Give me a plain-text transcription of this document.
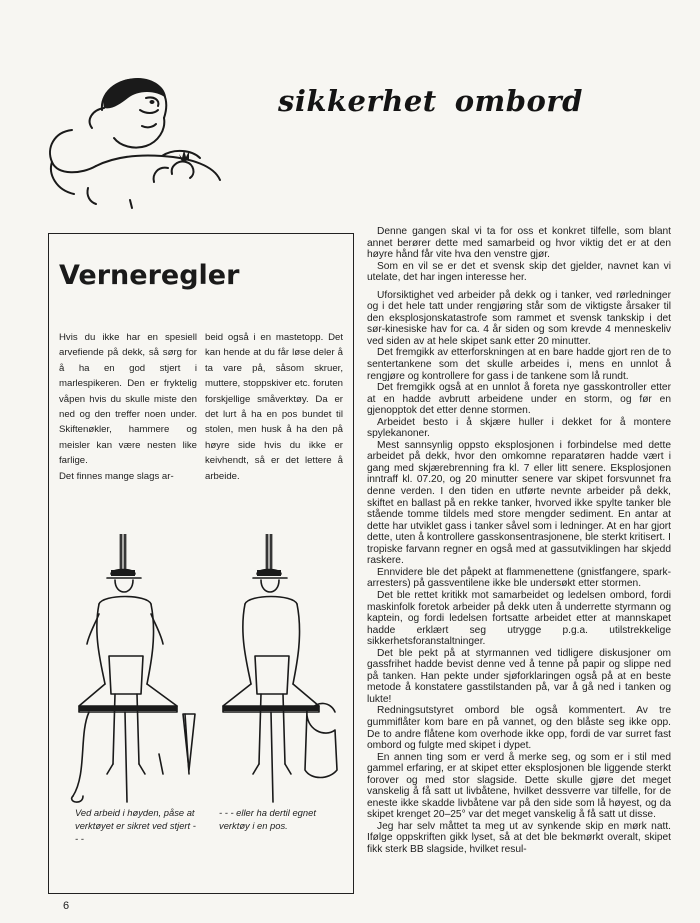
sikkerhet ombord
Verneregler

Hvis du ikke har en spesiell arvefiende på dekk, så sørg for å ha en god stjert i marlespikeren. Den er fryktelig våpen hvis du skulle miste den ned og den treffer noen under. Skiftenøkler, hammere og meisler kan være nesten like farlige.

Det finnes mange slags ar-

beid også i en mastetopp. Det kan hende at du får løse deler å ta vare på, såsom skruer, muttere, stoppskiver etc. foruten forskjellige småverktøy. Da er det lurt å ha en pos bundet til stolen, men husk å ha den på høyre side hvis du ikke er keivhendt, så er det lettere å arbeide.

Ved arbeid i høyden, påse at verktøyet er sikret ved stjert - - -
- - - eller ha dertil egnet verktøy i en pos.

Denne gangen skal vi ta for oss et konkret tilfelle, som blant annet berører dette med samarbeid og hvor viktig det er at den høyre hånd får vite hva den venstre gjør.

Som en vil se er det et svensk skip det gjelder, navnet kan vi utelate, det har ingen interesse her.

Uforsiktighet ved arbeider på dekk og i tanker, ved rørledninger og i det hele tatt under rengjøring står som de viktigste årsaker til den eksplosjonskatastrofe som rammet et svensk tankskip i det sør-kinesiske hav for ca. 4 år siden og som krevde 4 menneskeliv ved siden av at hele skipet sank etter 20 minutter.

Det fremgikk av etterforskningen at en bare hadde gjort ren de to sentertankene som det skulle arbeides i, mens en unnlot å rengjøre og kontrollere for gass i de tankene som lå rundt.

Det fremgikk også at en unnlot å foreta nye gasskontroller etter at en hadde avbrutt arbeidene under en storm, og før en gjenopptok det etter denne stormen.

Arbeidet besto i å skjære huller i dekket for å montere spylekanoner.

Mest sannsynlig oppsto eksplosjonen i forbindelse med dette arbeidet på dekk, hvor den omkomne reparatøren hadde vært i gang med skjærebrenning fra kl. 7 eller litt senere. Eksplosjonen inntraff kl. 07.20, og 20 minutter senere var skipet forsvunnet fra denne verden. I den tiden en utførte nevnte arbeider på dekk, skiftet en ballast på en rekke tanker, hvorved ikke spylte tanker ble stående tomme tildels med store mengder sediment. En antar at dette har utviklet gass i tanker såvel som i ledninger. At en har gjort dette, uten å kontrollere gasskonsentrasjonene, ble sterkt kritisert. I tropiske farvann regner en også med at gassutviklingen har skjedd raskere.

Ennvidere ble det påpekt at flammenettene (gnistfangere, spark-arresters) på gassventilene ikke ble undersøkt etter stormen.

Det ble rettet kritikk mot samarbeidet og ledelsen ombord, fordi maskinfolk foretok arbeider på dekk uten å underrette styrmann og kaptein, og fordi ledelsen fortsatte arbeidet etter at mannskapet hadde erklært seg utrygge p.g.a. utilstrekkelige sikkerhetsforanstaltninger.

Det ble pekt på at styrmannen ved tidligere diskusjoner om gassfrihet hadde bevist denne ved å tenne på papir og slippe ned på tanken. Han pekte under sjøforklaringen også på at en beste metode å konstatere gasstilstanden på, var å gå ned i tanken og lukte!

Redningsutstyret ombord ble også kommentert. Av tre gummiflåter kom bare en på vannet, og den blåste seg ikke opp. De to andre flåtene kom overhode ikke opp, fordi de var surret fast ombord og fulgte med skipet i dypet.

En annen ting som er verd å merke seg, og som er i stil med gammel erfaring, er at skipet etter eksplosjonen ble liggende sterkt forover og med stor slagside. Dette skulle gjøre det meget vanskelig å få satt ut livbåtene, hvilket dessverre var tilfelle, for de eneste ikke skadde livbåtene var på den side som lå høyest, og da skipet krenget 20–25° var det meget vanskelig å få satt ut disse.

Jeg har selv måttet ta meg ut av synkende skip en mørk natt. Ifølge oppskriften gikk lyset, så at det ble bekmørkt overalt, skipet fikk sterk BB slagside, hvilket resul-

6
